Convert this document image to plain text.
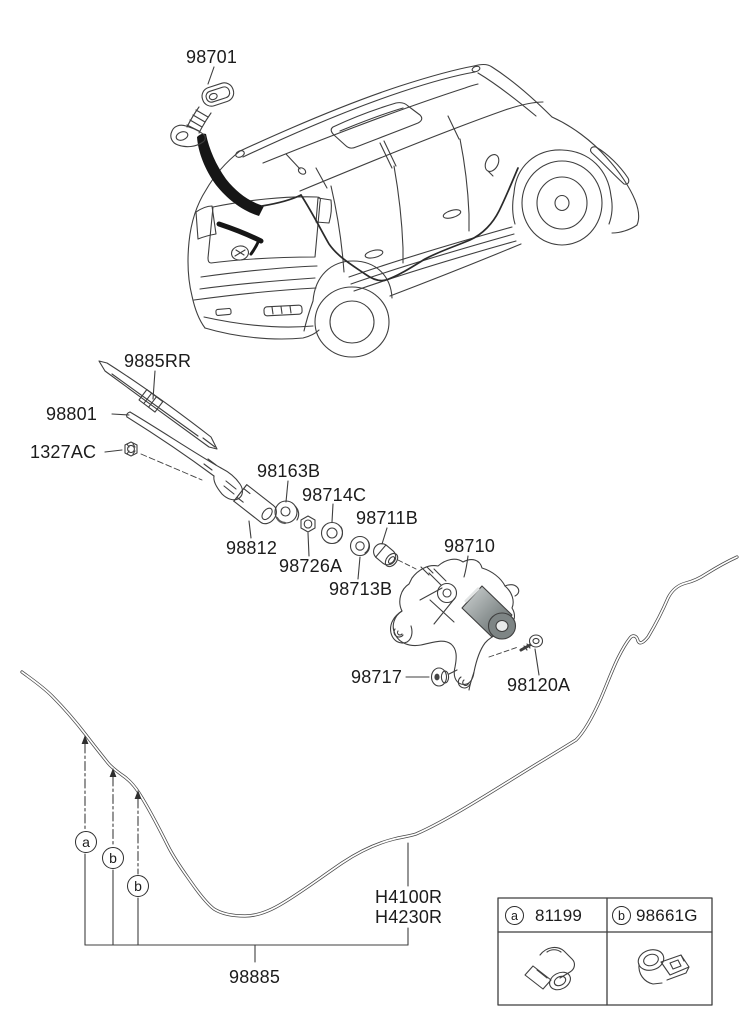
98701
9885RR
98801
1327AC
98163B
98714C
98711B
98710
98812
98726A
98713B
98717	98120A
H4100R
H4230R
98885
a
b
b
a	81199	b 98661G
